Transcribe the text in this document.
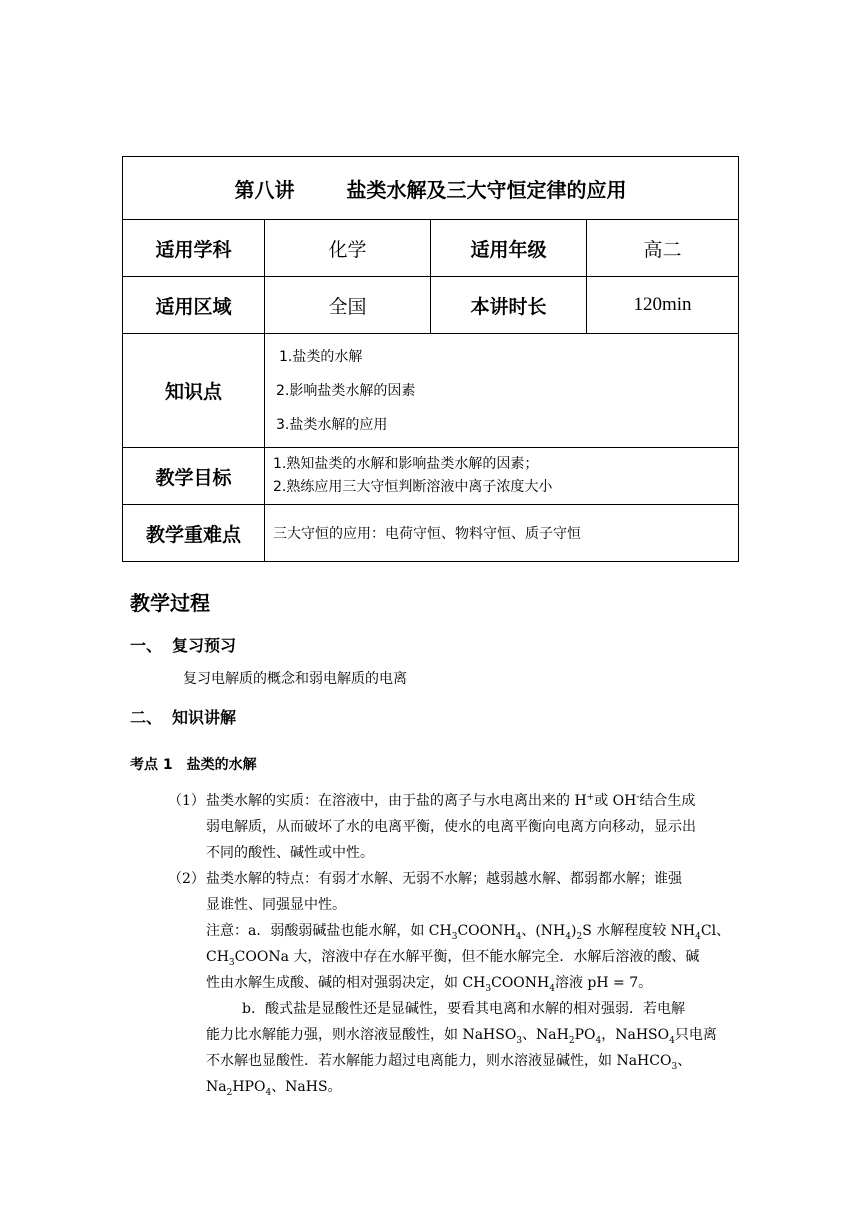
第八讲 盐类水解及三大守恒定律的应用			
适用学科	化学	适用年级	高二
适用区域	全国	本讲时长	120min
知识点	1.盐类的水解
2.影响盐类水解的因素
3.盐类水解的应用		

教学目标	1.熟知盐类的水解和影响盐类水解的因素；
2.熟练应用三大守恒判断溶液中离子浓度大小		

教学重难点	三大守恒的应用：电荷守恒、物料守恒、质子守恒		
教学过程
一、 复习预习
复习电解质的概念和弱电解质的电离
二、 知识讲解
考点 1　盐类的水解
（1） 盐类水解的实质：在溶液中，由于盐的离子与水电离出来的 H+或 OH-结合生成
弱电解质，从而破坏了水的电离平衡，使水的电离平衡向电离方向移动，显示出
不同的酸性、碱性或中性。
（2） 盐类水解的特点：有弱才水解、无弱不水解；越弱越水解、都弱都水解；谁强
显谁性、同强显中性。
注意：a．弱酸弱碱盐也能水解，如 $CH_3COONH_4$、$(NH_4)_2S$ 水解程度较 $NH_4Cl$、
$CH_3COONa$ 大，溶液中存在水解平衡，但不能水解完全．水解后溶液的酸、碱
性由水解生成酸、碱的相对强弱决定，如 $CH_3COONH_4$溶液 pH = 7。
b．酸式盐是显酸性还是显碱性，要看其电离和水解的相对强弱．若电解
能力比水解能力强，则水溶液显酸性，如 NaHSO$_3$、$NaH_2PO_4$，NaHSO$_4$只电离
不水解也显酸性．若水解能力超过电离能力，则水溶液显碱性，如 NaHCO$_3$、
$Na_2HPO_4$、NaHS。
